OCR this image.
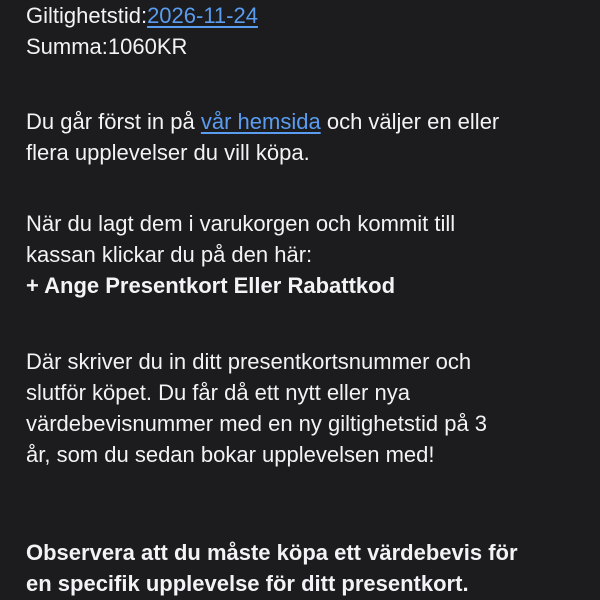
Giltighetstid:2026-11-24
Summa:1060KR
Du går först in på vår hemsida och väljer en eller
flera upplevelser du vill köpa.
När du lagt dem i varukorgen och kommit till
kassan klickar du på den här:
+ Ange Presentkort Eller Rabattkod
Där skriver du in ditt presentkortsnummer och
slutför köpet. Du får då ett nytt eller nya
värdebevisnummer med en ny giltighetstid på 3
år, som du sedan bokar upplevelsen med!
Observera att du måste köpa ett värdebevis för
en specifik upplevelse för ditt presentkort.
